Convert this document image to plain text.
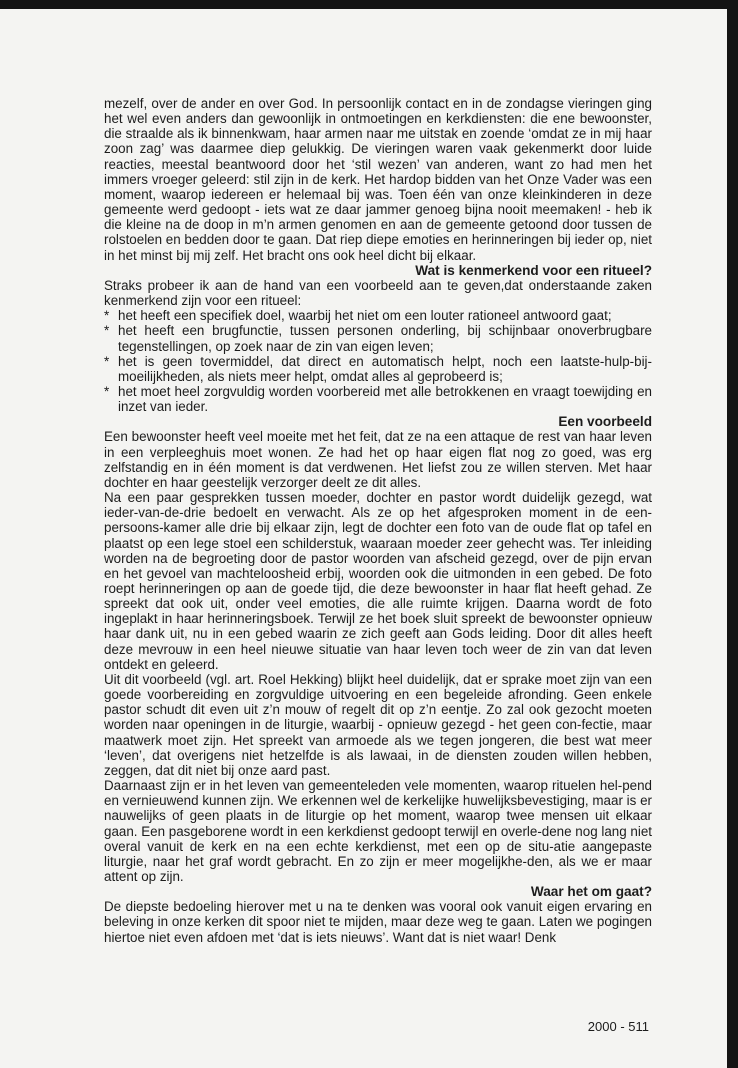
mezelf, over de ander en over God. In persoonlijk contact en in de zondagse vieringen ging het wel even anders dan gewoonlijk in ontmoetingen en kerkdiensten: die ene bewoonster, die straalde als ik binnenkwam, haar armen naar me uitstak en zoende ‘omdat ze in mij haar zoon zag’ was daarmee diep gelukkig. De vieringen waren vaak gekenmerkt door luide reacties, meestal beantwoord door het ‘stil wezen’ van anderen, want zo had men het immers vroeger geleerd: stil zijn in de kerk. Het hardop bidden van het Onze Vader was een moment, waarop iedereen er helemaal bij was. Toen één van onze kleinkinderen in deze gemeente werd gedoopt - iets wat ze daar jammer genoeg bijna nooit meemaken! - heb ik die kleine na de doop in m’n armen genomen en aan de gemeente getoond door tussen de rolstoelen en bedden door te gaan. Dat riep diepe emoties en herinneringen bij ieder op, niet in het minst bij mij zelf. Het bracht ons ook heel dicht bij elkaar.

Wat is kenmerkend voor een ritueel?

Straks probeer ik aan de hand van een voorbeeld aan te geven,dat onderstaande zaken kenmerkend zijn voor een ritueel:

* het heeft een specifiek doel, waarbij het niet om een louter rationeel antwoord gaat;
* het heeft een brugfunctie, tussen personen onderling, bij schijnbaar onoverbrugbare tegenstellingen, op zoek naar de zin van eigen leven;
* het is geen tovermiddel, dat direct en automatisch helpt, noch een laatste-hulp-bij-moeilijkheden, als niets meer helpt, omdat alles al geprobeerd is;
* het moet heel zorgvuldig worden voorbereid met alle betrokkenen en vraagt toewijding en inzet van ieder.

Een voorbeeld

Een bewoonster heeft veel moeite met het feit, dat ze na een attaque de rest van haar leven in een verpleeghuis moet wonen. Ze had het op haar eigen flat nog zo goed, was erg zelfstandig en in één moment is dat verdwenen. Het liefst zou ze willen sterven. Met haar dochter en haar geestelijk verzorger deelt ze dit alles.

Na een paar gesprekken tussen moeder, dochter en pastor wordt duidelijk gezegd, wat ieder-van-de-drie bedoelt en verwacht. Als ze op het afgesproken moment in de een-persoons-kamer alle drie bij elkaar zijn, legt de dochter een foto van de oude flat op tafel en plaatst op een lege stoel een schilderstuk, waaraan moeder zeer gehecht was. Ter inleiding worden na de begroeting door de pastor woorden van afscheid gezegd, over de pijn ervan en het gevoel van machteloosheid erbij, woorden ook die uitmonden in een gebed. De foto roept herinneringen op aan de goede tijd, die deze bewoonster in haar flat heeft gehad. Ze spreekt dat ook uit, onder veel emoties, die alle ruimte krijgen. Daarna wordt de foto ingeplakt in haar herinneringsboek. Terwijl ze het boek sluit spreekt de bewoonster opnieuw haar dank uit, nu in een gebed waarin ze zich geeft aan Gods leiding. Door dit alles heeft deze mevrouw in een heel nieuwe situatie van haar leven toch weer de zin van dat leven ontdekt en geleerd.

Uit dit voorbeeld (vgl. art. Roel Hekking) blijkt heel duidelijk, dat er sprake moet zijn van een goede voorbereiding en zorgvuldige uitvoering en een begeleide afronding. Geen enkele pastor schudt dit even uit z’n mouw of regelt dit op z’n eentje. Zo zal ook gezocht moeten worden naar openingen in de liturgie, waarbij - opnieuw gezegd - het geen con-fectie, maar maatwerk moet zijn. Het spreekt van armoede als we tegen jongeren, die best wat meer ‘leven’, dat overigens niet hetzelfde is als lawaai, in de diensten zouden willen hebben, zeggen, dat dit niet bij onze aard past.

Daarnaast zijn er in het leven van gemeenteleden vele momenten, waarop rituelen hel-pend en vernieuwend kunnen zijn. We erkennen wel de kerkelijke huwelijksbevestiging, maar is er nauwelijks of geen plaats in de liturgie op het moment, waarop twee mensen uit elkaar gaan. Een pasgeborene wordt in een kerkdienst gedoopt terwijl en overle-dene nog lang niet overal vanuit de kerk en na een echte kerkdienst, met een op de situ-atie aangepaste liturgie, naar het graf wordt gebracht. En zo zijn er meer mogelijkhe-den, als we er maar attent op zijn.

Waar het om gaat?

De diepste bedoeling hierover met u na te denken was vooral ook vanuit eigen ervaring en beleving in onze kerken dit spoor niet te mijden, maar deze weg te gaan. Laten we pogingen hiertoe niet even afdoen met ‘dat is iets nieuws’. Want dat is niet waar! Denk

2000 - 511
